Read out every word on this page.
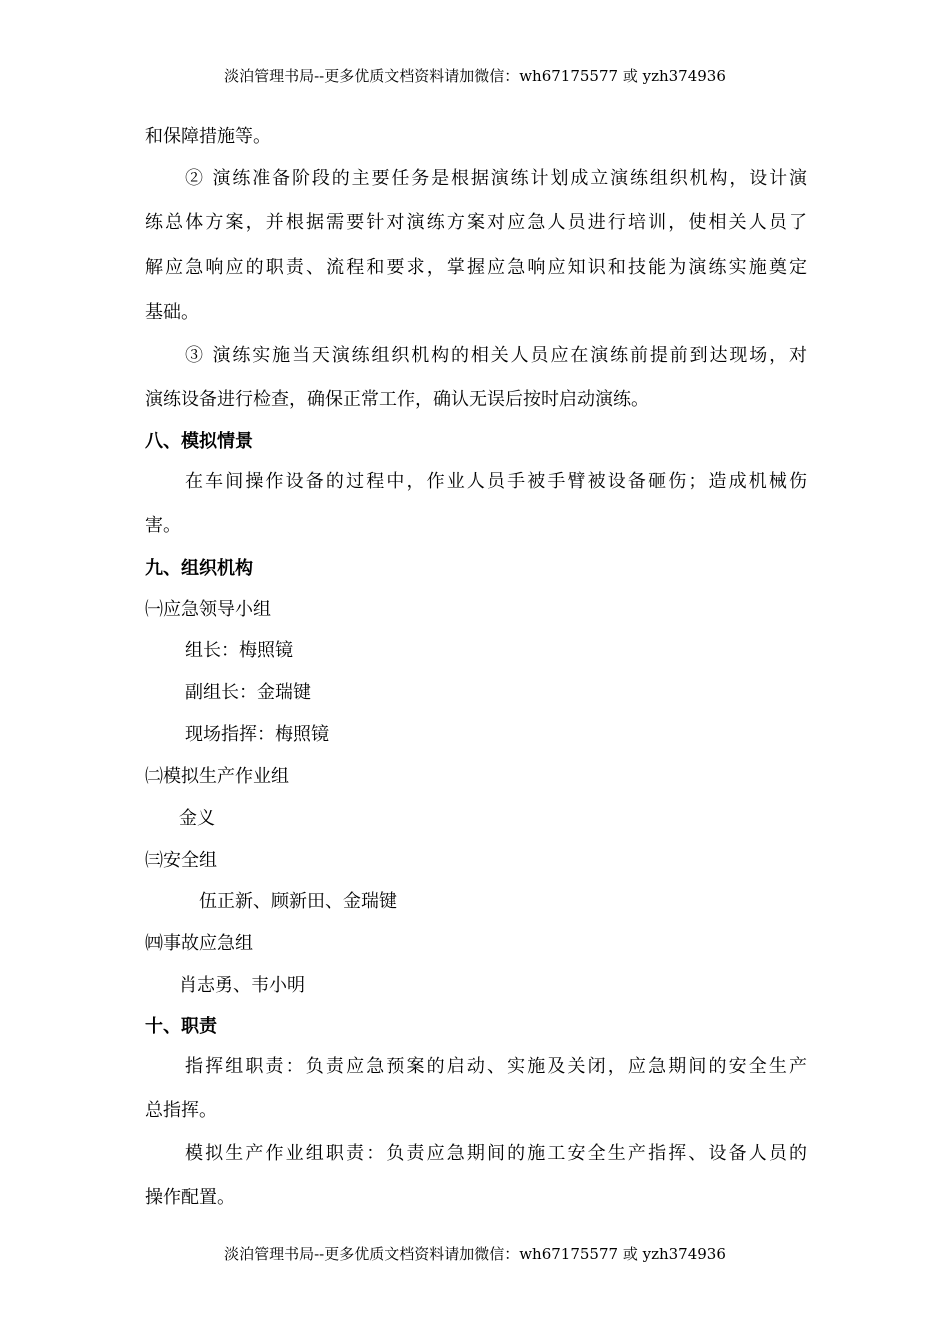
淡泊管理书局--更多优质文档资料请加微信：wh67175577 或 yzh374936
和保障措施等。
② 演练准备阶段的主要任务是根据演练计划成立演练组织机构，设计演
练总体方案，并根据需要针对演练方案对应急人员进行培训，使相关人员了
解应急响应的职责、流程和要求，掌握应急响应知识和技能为演练实施奠定
基础。
③ 演练实施当天演练组织机构的相关人员应在演练前提前到达现场，对
演练设备进行检查，确保正常工作，确认无误后按时启动演练。
八、模拟情景
在车间操作设备的过程中，作业人员手被手臂被设备砸伤；造成机械伤
害。
九、组织机构
㈠应急领导小组
组长：梅照镜
副组长：金瑞键
现场指挥：梅照镜
㈡模拟生产作业组
金义
㈢安全组
伍正新、顾新田、金瑞键
㈣事故应急组
肖志勇、韦小明
十、职责
指挥组职责：负责应急预案的启动、实施及关闭，应急期间的安全生产
总指挥。
模拟生产作业组职责：负责应急期间的施工安全生产指挥、设备人员的
操作配置。
淡泊管理书局--更多优质文档资料请加微信：wh67175577 或 yzh374936
